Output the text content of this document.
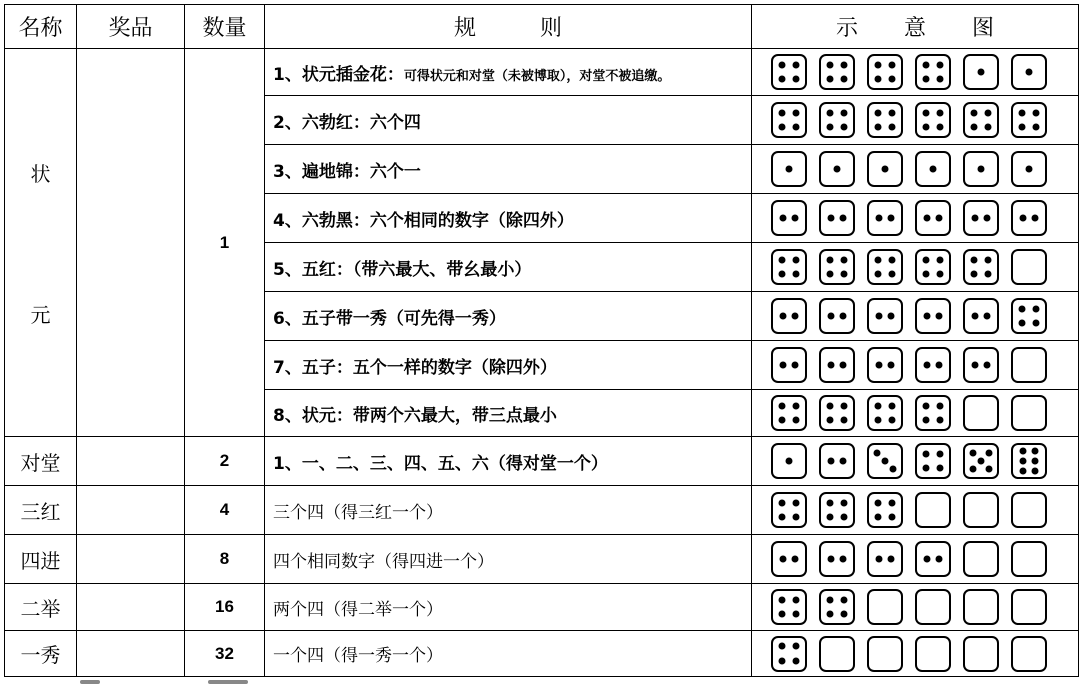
名称	奖品	数量	规 则	示 意 图

状
元		1	1、状元插金花：可得状元和对堂（未被博取），对堂不被追缴。	

			2、六勃红：六个四	

			3、遍地锦：六个一	

			4、六勃黑：六个相同的数字（除四外）	

			5、五红：（带六最大、带幺最小）	

			6、五子带一秀（可先得一秀）	

			7、五子：五个一样的数字（除四外）	

			8、状元：带两个六最大，带三点最小	

对堂		2	1、一、二、三、四、五、六（得对堂一个）	

三红		4	三个四（得三红一个）	

四进		8	四个相同数字（得四进一个）	

二举		16	两个四（得二举一个）	

一秀		32	一个四（得一秀一个）	
